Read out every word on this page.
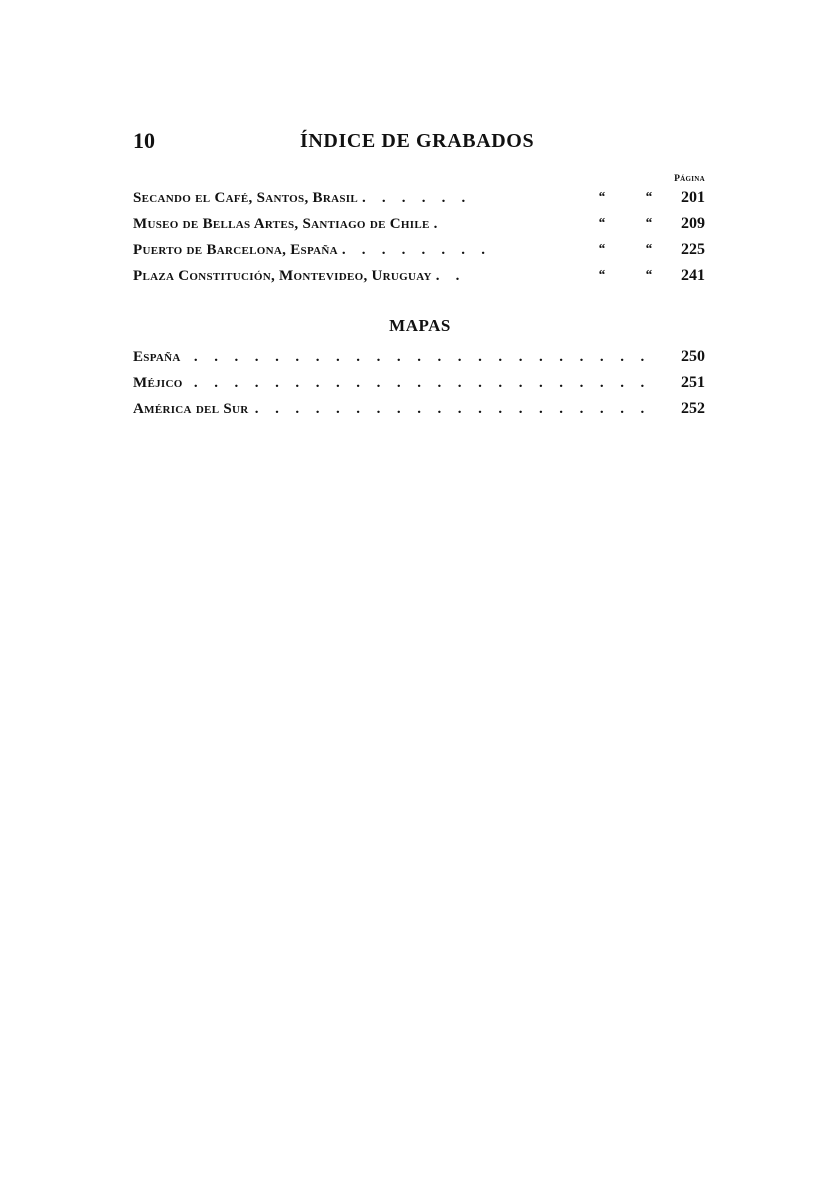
10	ÍNDICE DE GRABADOS
Página
Secando el Café, Santos, Brasil . . . . . .	“	“ 201
Museo de Bellas Artes, Santiago de Chile .	“	“ 209
Puerto de Barcelona, España . . . . . . . .	“	“ 225
Plaza Constitución, Montevideo, Uruguay . .	“	“ 241
MAPAS
. . . España	250
. . . Méjico	251
. . . América del Sur	252
